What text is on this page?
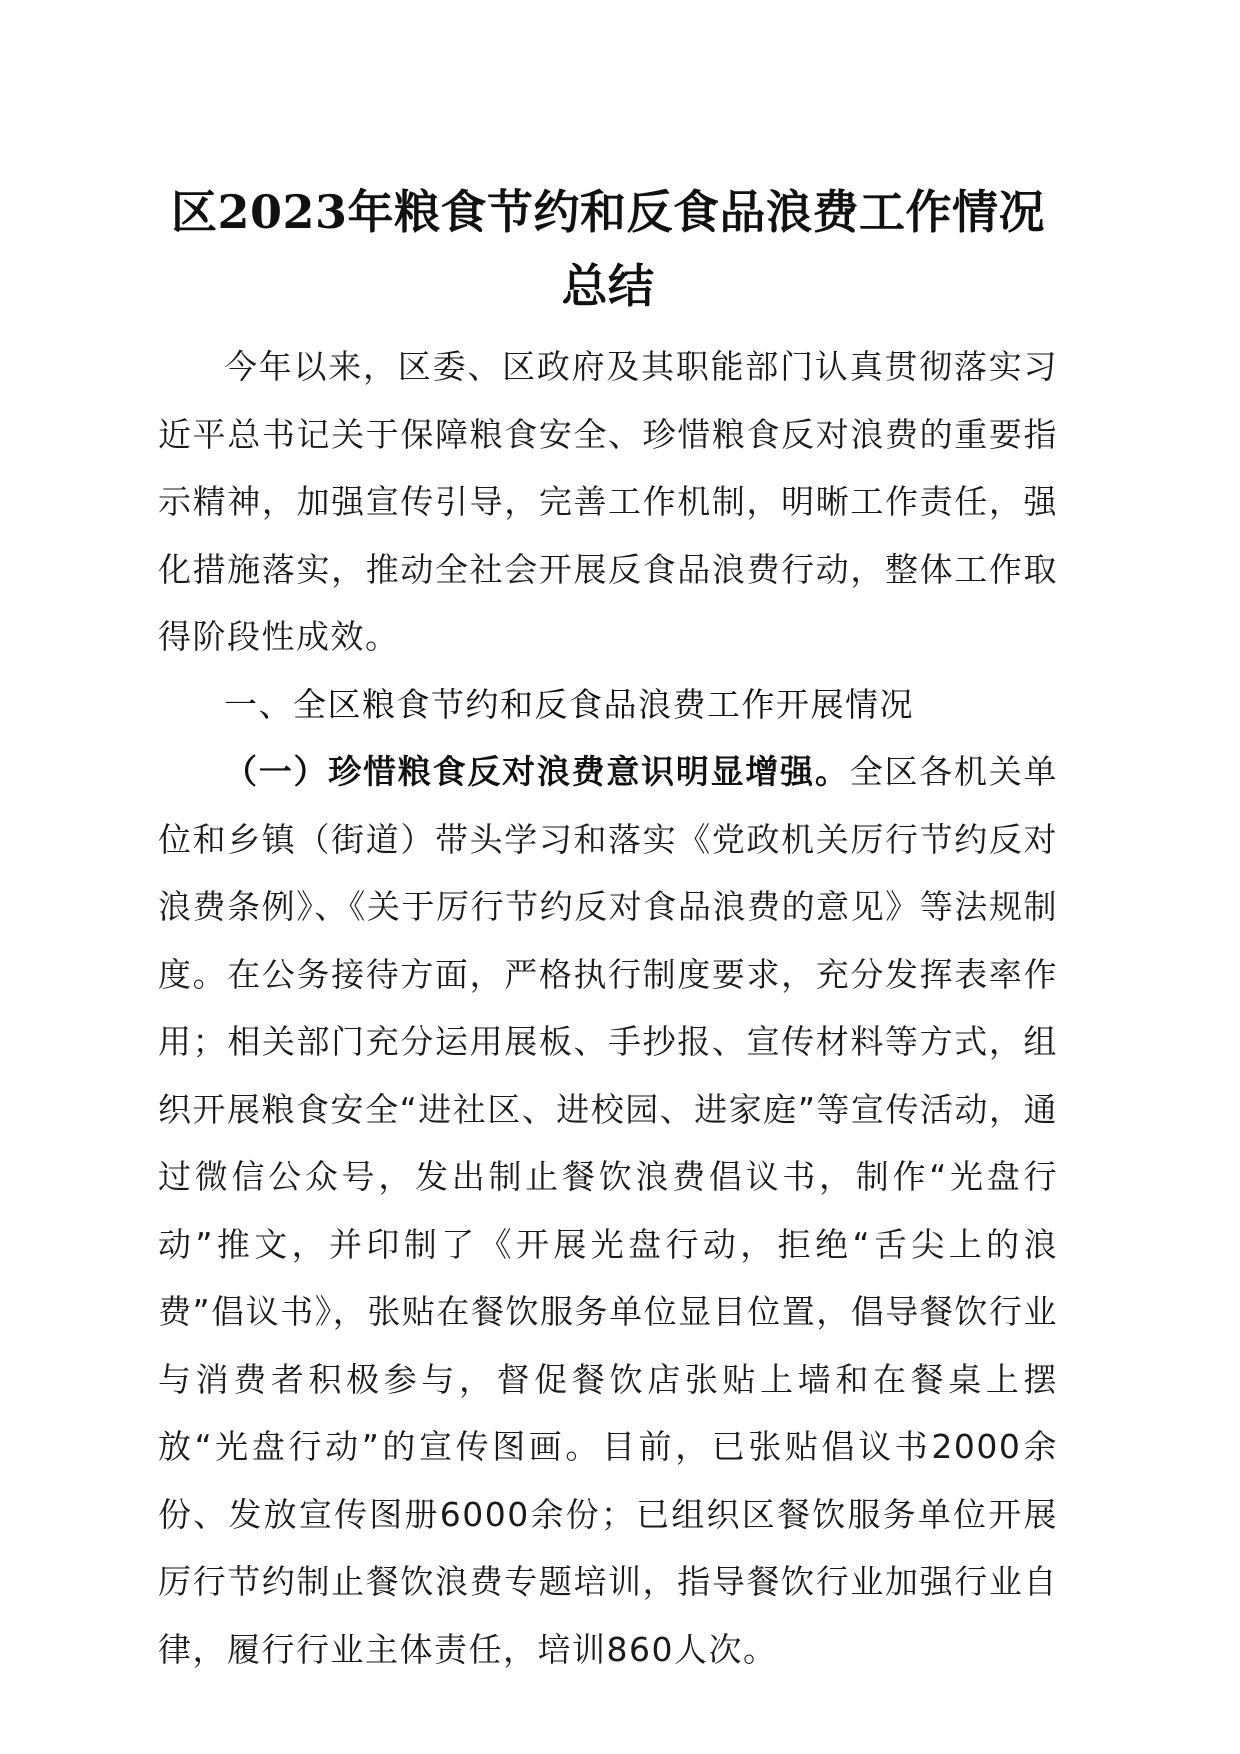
区2023年粮食节约和反食品浪费工作情况总结

今年以来，区委、区政府及其职能部门认真贯彻落实习近平总书记关于保障粮食安全、珍惜粮食反对浪费的重要指示精神，加强宣传引导，完善工作机制，明晰工作责任，强化措施落实，推动全社会开展反食品浪费行动，整体工作取得阶段性成效。

一、全区粮食节约和反食品浪费工作开展情况

（一）珍惜粮食反对浪费意识明显增强。全区各机关单位和乡镇（街道）带头学习和落实《党政机关厉行节约反对浪费条例》、《关于厉行节约反对食品浪费的意见》等法规制度。在公务接待方面，严格执行制度要求，充分发挥表率作用；相关部门充分运用展板、手抄报、宣传材料等方式，组织开展粮食安全“进社区、进校园、进家庭”等宣传活动，通过微信公众号，发出制止餐饮浪费倡议书，制作“光盘行动”推文，并印制了《开展光盘行动，拒绝“舌尖上的浪费”倡议书》，张贴在餐饮服务单位显目位置，倡导餐饮行业与消费者积极参与，督促餐饮店张贴上墙和在餐桌上摆放“光盘行动”的宣传图画。目前，已张贴倡议书2000余份、发放宣传图册6000余份；已组织区餐饮服务单位开展厉行节约制止餐饮浪费专题培训，指导餐饮行业加强行业自律，履行行业主体责任，培训860人次。
